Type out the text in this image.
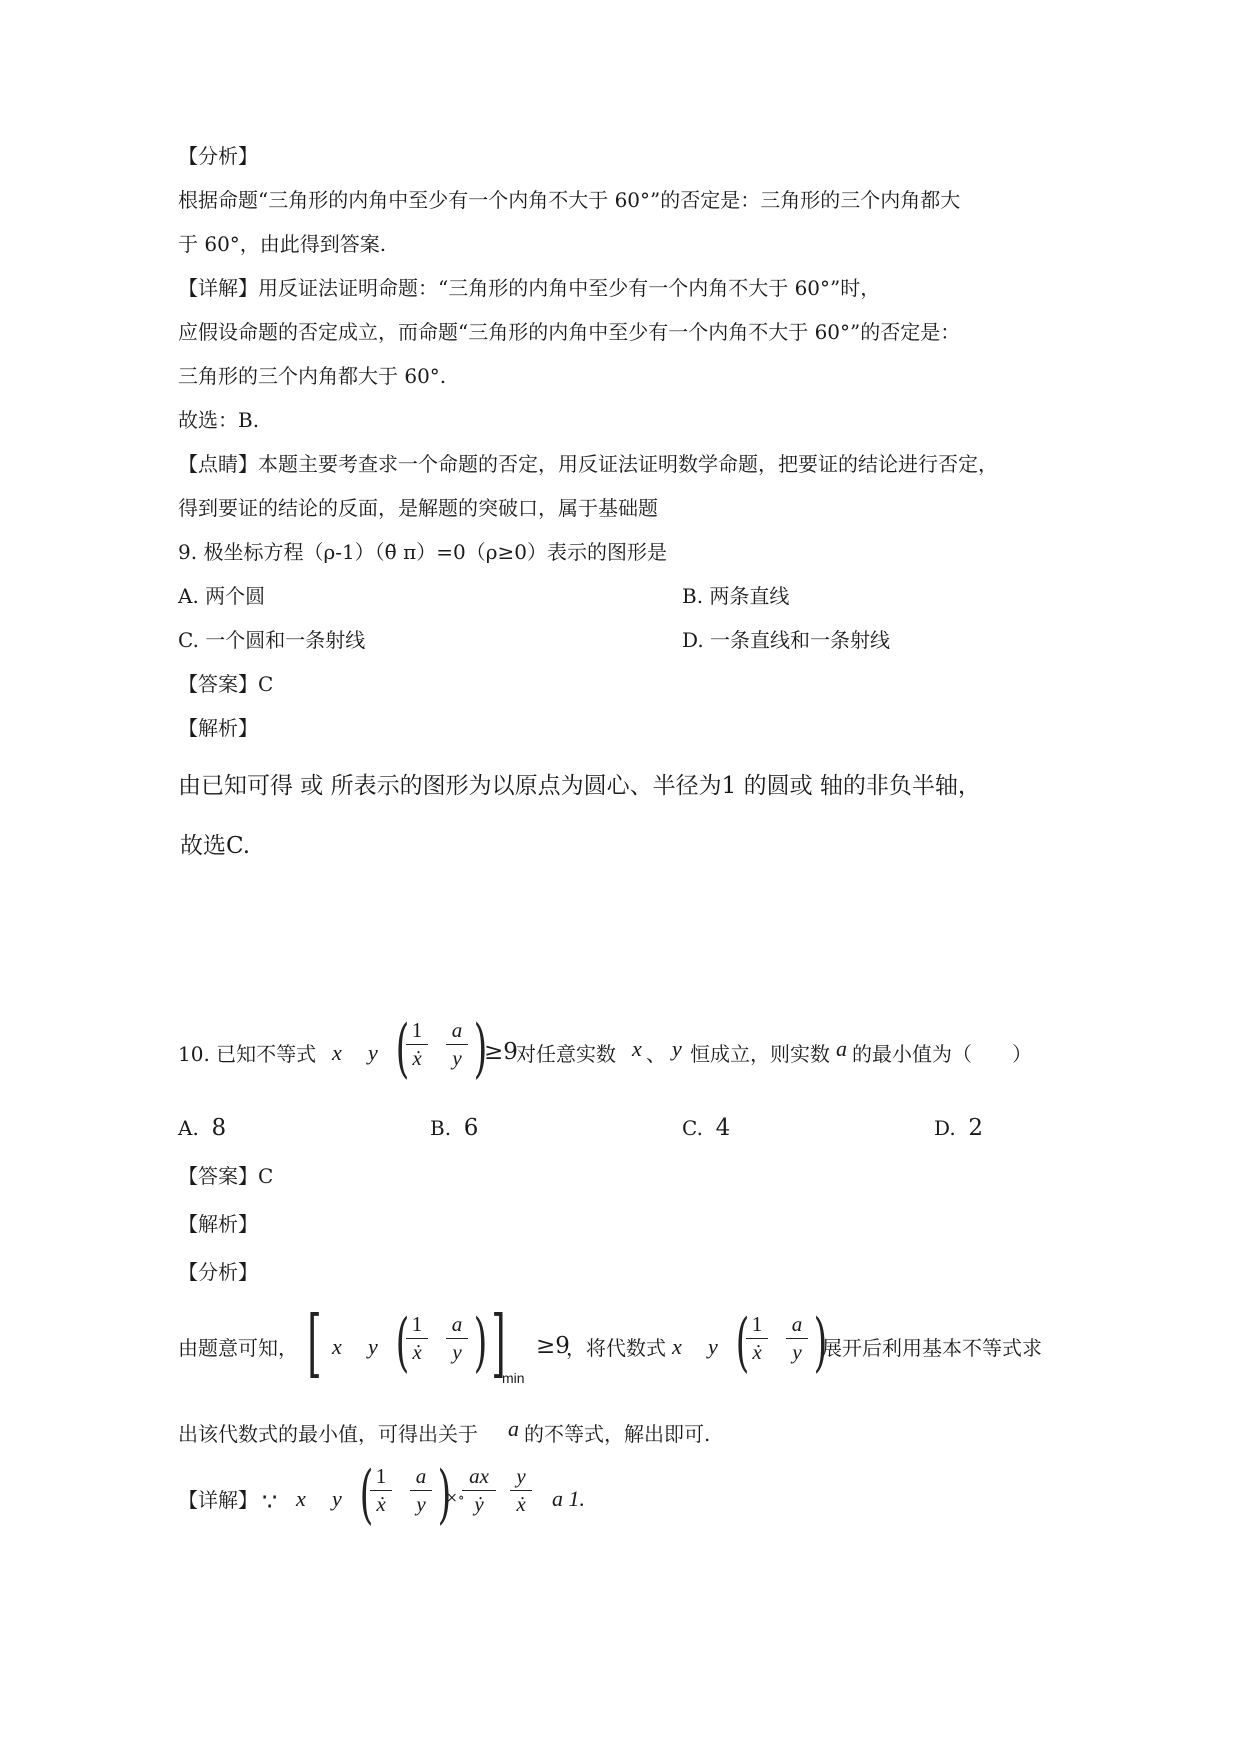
【分析】
根据命题“三角形的内角中至少有一个内角不大于 60°”的否定是：三角形的三个内角都大
于 60°，由此得到答案.
【详解】用反证法证明命题：“三角形的内角中至少有一个内角不大于 60°”时，
应假设命题的否定成立，而命题“三角形的内角中至少有一个内角不大于 60°”的否定是：
三角形的三个内角都大于 60°.
故选：B.
【点睛】本题主要考查求一个命题的否定，用反证法证明数学命题，把要证的结论进行否定，
得到要证的结论的反面，是解题的突破口，属于基础题
9. 极坐标方程（ρ-1）（θ̃ π）=0（ρ≥0）表示的图形是
A. 两个圆	B. 两条直线
C. 一个圆和一条射线	D. 一条直线和一条射线
【答案】C
【解析】
由已知可得 或 所表示的图形为以原点为圆心、半径为1 的圆或 轴的非负半轴，
故选C.
10. 已知不等式 x y ( 1
ẋ
a
y )
≥9
对任意实数 x 、 y 恒成立，则实数 a 的最小值为（　　）
A. 8	B. 6	C. 4	D. 2
【答案】C
【解析】
【分析】
由题意可知， [ x y ( 1
ẋ
a
y ) ]
min
≥9
，将代数式 x y ( 1
ẋ
a
y )
展开后利用基本不等式求
出该代数式的最小值，可得出关于 a 的不等式，解出即可.
【详解】 ∵ x y ( 1
ẋ
a
y )
×∘
ax
ẏ
y
ẋ a 1.
